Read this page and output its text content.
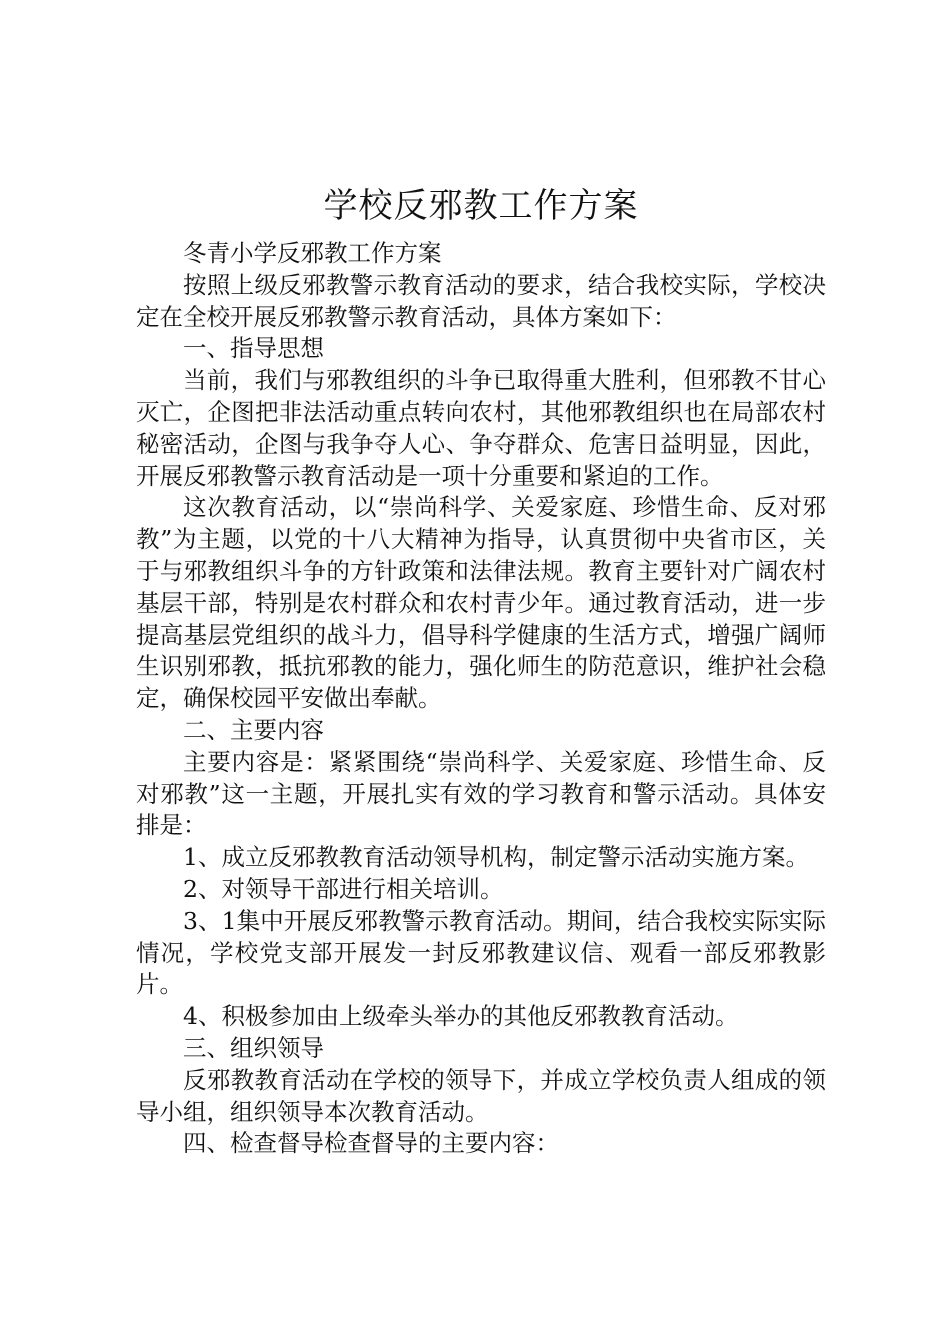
学校反邪教工作方案

冬青小学反邪教工作方案

按照上级反邪教警示教育活动的要求，结合我校实际，学校决定在全校开展反邪教警示教育活动，具体方案如下：

一、指导思想

当前，我们与邪教组织的斗争已取得重大胜利，但邪教不甘心灭亡，企图把非法活动重点转向农村，其他邪教组织也在局部农村秘密活动，企图与我争夺人心、争夺群众、危害日益明显，因此，开展反邪教警示教育活动是一项十分重要和紧迫的工作。

这次教育活动，以“崇尚科学、关爱家庭、珍惜生命、反对邪教”为主题，以党的十八大精神为指导，认真贯彻中央省市区，关于与邪教组织斗争的方针政策和法律法规。教育主要针对广阔农村基层干部，特别是农村群众和农村青少年。通过教育活动，进一步提高基层党组织的战斗力，倡导科学健康的生活方式，增强广阔师生识别邪教，抵抗邪教的能力，强化师生的防范意识，维护社会稳定，确保校园平安做出奉献。

二、主要内容

主要内容是：紧紧围绕“崇尚科学、关爱家庭、珍惜生命、反对邪教”这一主题，开展扎实有效的学习教育和警示活动。具体安排是：

1、成立反邪教教育活动领导机构，制定警示活动实施方案。

2、对领导干部进行相关培训。

3、1集中开展反邪教警示教育活动。期间，结合我校实际实际情况，学校党支部开展发一封反邪教建议信、观看一部反邪教影片。

4、积极参加由上级牵头举办的其他反邪教教育活动。

三、组织领导

反邪教教育活动在学校的领导下，并成立学校负责人组成的领导小组，组织领导本次教育活动。

四、检查督导检查督导的主要内容：
